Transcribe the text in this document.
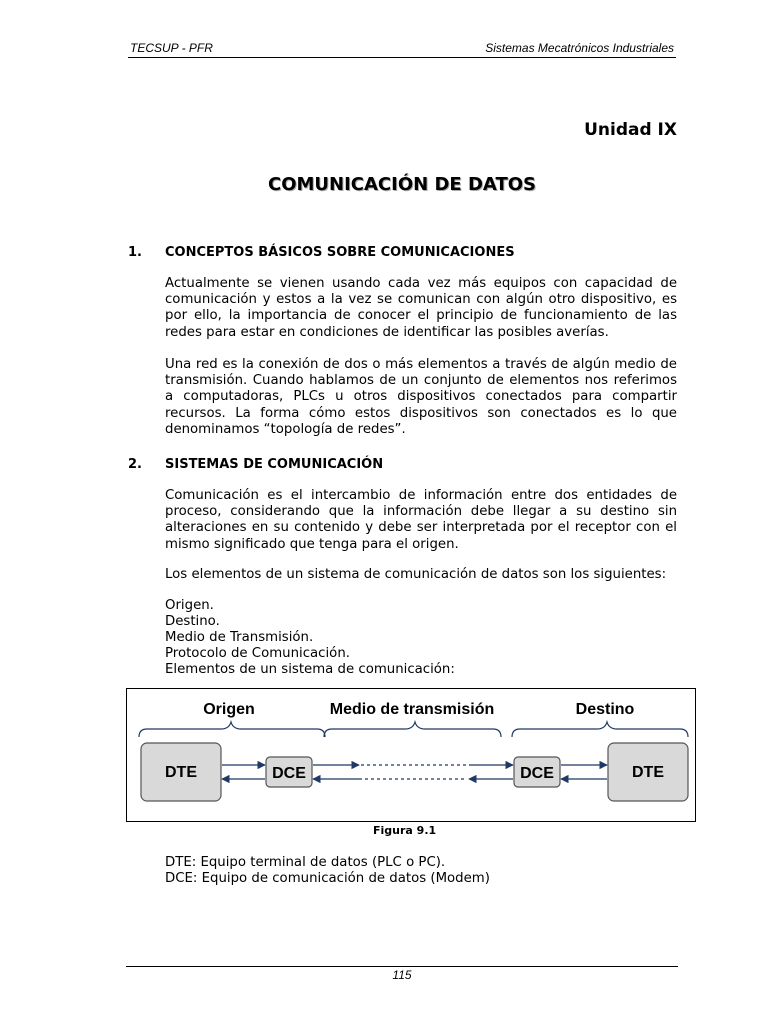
TECSUP - PFR	Sistemas Mecatrónicos Industriales
Unidad IX
COMUNICACIÓN DE DATOS
1. CONCEPTOS BÁSICOS SOBRE COMUNICACIONES
Actualmente se vienen usando cada vez más equipos con capacidad de comunicación y estos a la vez se comunican con algún otro dispositivo, es por ello, la importancia de conocer el principio de funcionamiento de las redes para estar en condiciones de identificar las posibles averías.
Una red es la conexión de dos o más elementos a través de algún medio de transmisión. Cuando hablamos de un conjunto de elementos nos referimos a computadoras, PLCs u otros dispositivos conectados para compartir recursos. La forma cómo estos dispositivos son conectados es lo que denominamos “topología de redes”.
2. SISTEMAS DE COMUNICACIÓN
Comunicación es el intercambio de información entre dos entidades de proceso, considerando que la información debe llegar a su destino sin alteraciones en su contenido y debe ser interpretada por el receptor con el mismo significado que tenga para el origen.
Los elementos de un sistema de comunicación de datos son los siguientes:
Origen.
Destino.
Medio de Transmisión.
Protocolo de Comunicación.
Elementos de un sistema de comunicación:
Origen	Medio de transmisión	Destino
DTE	DCE	DCE	DTE
Figura 9.1
DTE: Equipo terminal de datos (PLC o PC).
DCE: Equipo de comunicación de datos (Modem)
115
